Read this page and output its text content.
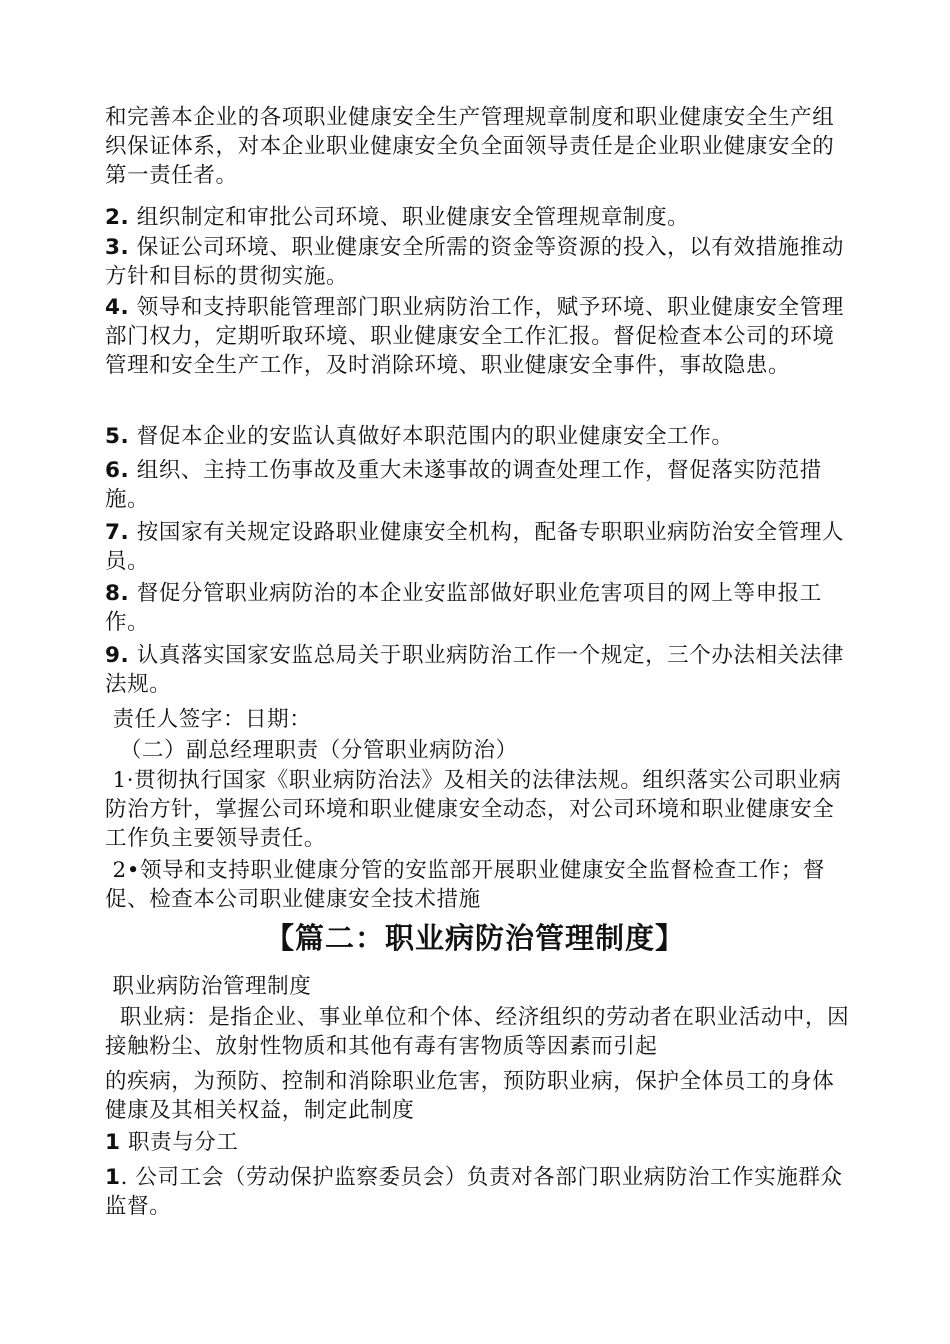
和完善本企业的各项职业健康安全生产管理规章制度和职业健康安全生产组织保证体系，对本企业职业健康安全负全面领导责任是企业职业健康安全的第一责任者。
2. 组织制定和审批公司环境、职业健康安全管理规章制度。
3. 保证公司环境、职业健康安全所需的资金等资源的投入，以有效措施推动方针和目标的贯彻实施。
4. 领导和支持职能管理部门职业病防治工作，赋予环境、职业健康安全管理部门权力，定期听取环境、职业健康安全工作汇报。督促检查本公司的环境管理和安全生产工作，及时消除环境、职业健康安全事件，事故隐患。
5. 督促本企业的安监认真做好本职范围内的职业健康安全工作。
6. 组织、主持工伤事故及重大未遂事故的调查处理工作，督促落实防范措施。
7. 按国家有关规定设路职业健康安全机构，配备专职职业病防治安全管理人员。
8. 督促分管职业病防治的本企业安监部做好职业危害项目的网上等申报工作。
9. 认真落实国家安监总局关于职业病防治工作一个规定，三个办法相关法律法规。
责任人签字：日期：
（二）副总经理职责（分管职业病防治）
1·贯彻执行国家《职业病防治法》及相关的法律法规。组织落实公司职业病防治方针，掌握公司环境和职业健康安全动态，对公司环境和职业健康安全工作负主要领导责任。
2•领导和支持职业健康分管的安监部开展职业健康安全监督检查工作；督促、检查本公司职业健康安全技术措施
【篇二：职业病防治管理制度】
职业病防治管理制度
职业病：是指企业、事业单位和个体、经济组织的劳动者在职业活动中，因接触粉尘、放射性物质和其他有毒有害物质等因素而引起
的疾病，为预防、控制和消除职业危害，预防职业病，保护全体员工的身体健康及其相关权益，制定此制度
1 职责与分工
1. 公司工会（劳动保护监察委员会）负责对各部门职业病防治工作实施群众监督。
